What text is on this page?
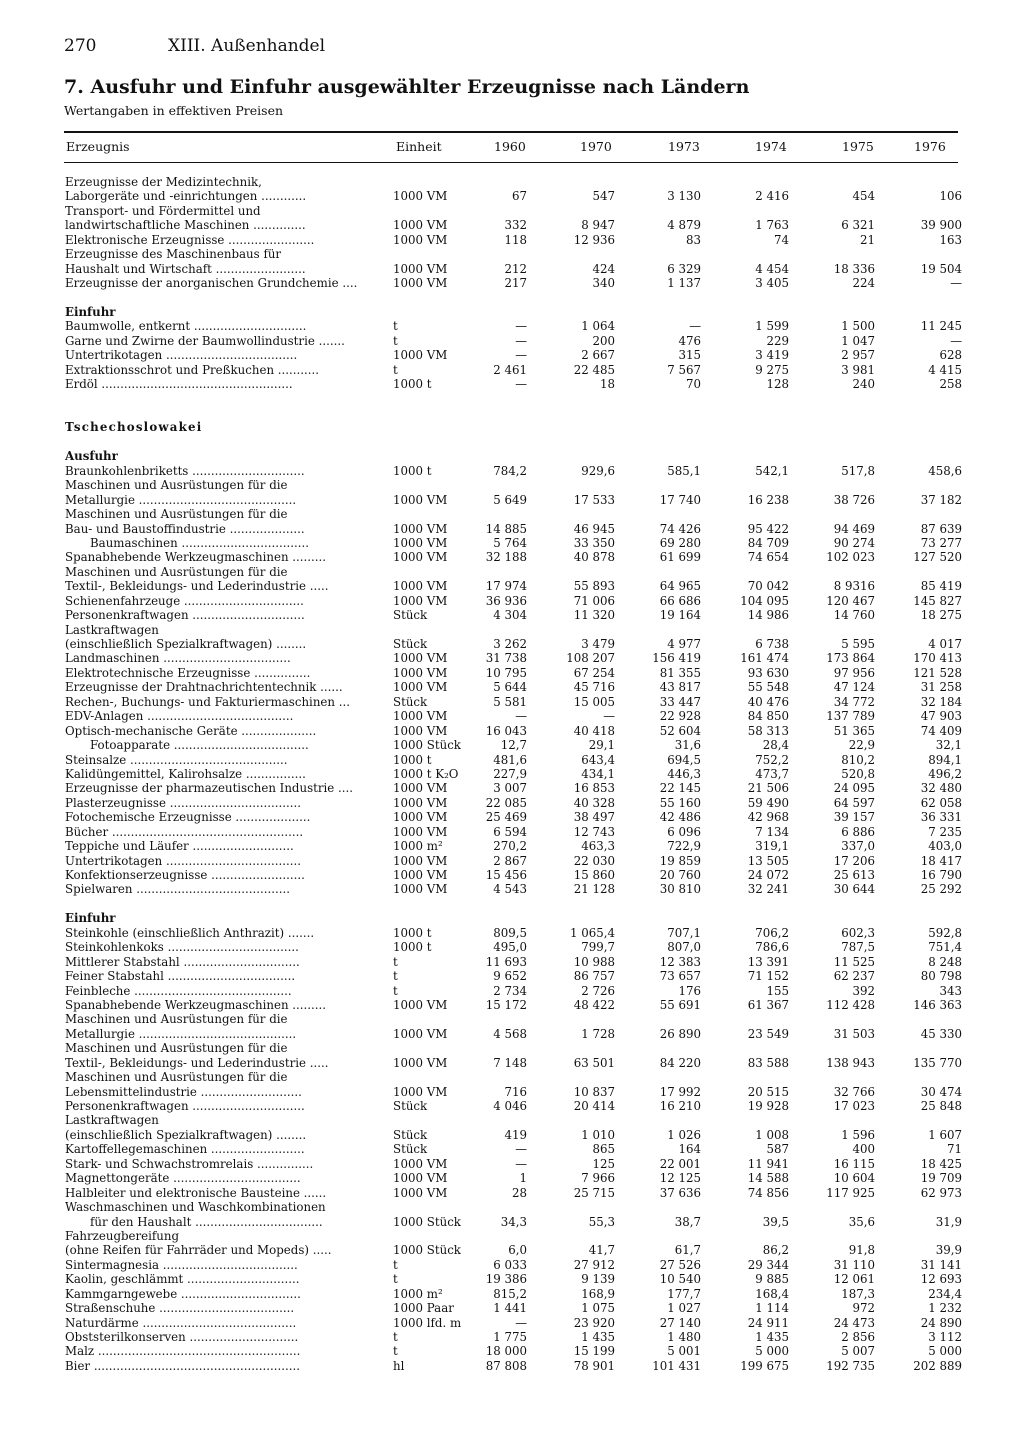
270	XIII. Außenhandel
7. Ausfuhr und Einfuhr ausgewählter Erzeugnisse nach Ländern
Wertangaben in effektiven Preisen
Erzeugnis	Einheit	1960	1970	1973	1974	1975	1976
Erzeugnisse der Medizintechnik,
Laborgeräte und -einrichtungen ............	1000 VM	67	547	3 130	2 416	454	106
Transport- und Fördermittel und
landwirtschaftliche Maschinen ..............	1000 VM	332	8 947	4 879	1 763	6 321	39 900
Elektronische Erzeugnisse .......................	1000 VM	118	12 936	83	74	21	163
Erzeugnisse des Maschinenbaus für
Haushalt und Wirtschaft ........................	1000 VM	212	424	6 329	4 454	18 336	19 504
Erzeugnisse der anorganischen Grundchemie ....	1000 VM	217	340	1 137	3 405	224	—
Einfuhr
Baumwolle, entkernt ..............................	t	—	1 064	—	1 599	1 500	11 245
Garne und Zwirne der Baumwollindustrie .......	t	—	200	476	229	1 047	—
Untertrikotagen ...................................	1000 VM	—	2 667	315	3 419	2 957	628
Extraktionsschrot und Preßkuchen ...........	t	2 461	22 485	7 567	9 275	3 981	4 415
Erdöl ...................................................	1000 t	—	18	70	128	240	258
Tschechoslowakei
Ausfuhr
Braunkohlenbriketts ..............................	1000 t	784,2	929,6	585,1	542,1	517,8	458,6
Maschinen und Ausrüstungen für die
Metallurgie ..........................................	1000 VM	5 649	17 533	17 740	16 238	38 726	37 182
Maschinen und Ausrüstungen für die
Bau- und Baustoffindustrie ....................	1000 VM	14 885	46 945	74 426	95 422	94 469	87 639
Baumaschinen ..................................	1000 VM	5 764	33 350	69 280	84 709	90 274	73 277
Spanabhebende Werkzeugmaschinen .........	1000 VM	32 188	40 878	61 699	74 654	102 023	127 520
Maschinen und Ausrüstungen für die
Textil-, Bekleidungs- und Lederindustrie .....	1000 VM	17 974	55 893	64 965	70 042	8 9316	85 419
Schienenfahrzeuge ................................	1000 VM	36 936	71 006	66 686	104 095	120 467	145 827
Personenkraftwagen ..............................	Stück	4 304	11 320	19 164	14 986	14 760	18 275
Lastkraftwagen
(einschließlich Spezialkraftwagen) ........	Stück	3 262	3 479	4 977	6 738	5 595	4 017
Landmaschinen ..................................	1000 VM	31 738	108 207	156 419	161 474	173 864	170 413
Elektrotechnische Erzeugnisse ...............	1000 VM	10 795	67 254	81 355	93 630	97 956	121 528
Erzeugnisse der Drahtnachrichtentechnik ......	1000 VM	5 644	45 716	43 817	55 548	47 124	31 258
Rechen-, Buchungs- und Fakturiermaschinen ...	Stück	5 581	15 005	33 447	40 476	34 772	32 184
EDV-Anlagen .......................................	1000 VM	—	—	22 928	84 850	137 789	47 903
Optisch-mechanische Geräte ....................	1000 VM	16 043	40 418	52 604	58 313	51 365	74 409
Fotoapparate ....................................	1000 Stück	12,7	29,1	31,6	28,4	22,9	32,1
Steinsalze ..........................................	1000 t	481,6	643,4	694,5	752,2	810,2	894,1
Kalidüngemittel, Kalirohsalze ................	1000 t K₂O	227,9	434,1	446,3	473,7	520,8	496,2
Erzeugnisse der pharmazeutischen Industrie ....	1000 VM	3 007	16 853	22 145	21 506	24 095	32 480
Plasterzeugnisse ...................................	1000 VM	22 085	40 328	55 160	59 490	64 597	62 058
Fotochemische Erzeugnisse ....................	1000 VM	25 469	38 497	42 486	42 968	39 157	36 331
Bücher ...................................................	1000 VM	6 594	12 743	6 096	7 134	6 886	7 235
Teppiche und Läufer ...........................	1000 m²	270,2	463,3	722,9	319,1	337,0	403,0
Untertrikotagen ....................................	1000 VM	2 867	22 030	19 859	13 505	17 206	18 417
Konfektionserzeugnisse .........................	1000 VM	15 456	15 860	20 760	24 072	25 613	16 790
Spielwaren .........................................	1000 VM	4 543	21 128	30 810	32 241	30 644	25 292
Einfuhr
Steinkohle (einschließlich Anthrazit) .......	1000 t	809,5	1 065,4	707,1	706,2	602,3	592,8
Steinkohlenkoks ...................................	1000 t	495,0	799,7	807,0	786,6	787,5	751,4
Mittlerer Stabstahl ...............................	t	11 693	10 988	12 383	13 391	11 525	8 248
Feiner Stabstahl ..................................	t	9 652	86 757	73 657	71 152	62 237	80 798
Feinbleche ..........................................	t	2 734	2 726	176	155	392	343
Spanabhebende Werkzeugmaschinen .........	1000 VM	15 172	48 422	55 691	61 367	112 428	146 363
Maschinen und Ausrüstungen für die
Metallurgie ..........................................	1000 VM	4 568	1 728	26 890	23 549	31 503	45 330
Maschinen und Ausrüstungen für die
Textil-, Bekleidungs- und Lederindustrie .....	1000 VM	7 148	63 501	84 220	83 588	138 943	135 770
Maschinen und Ausrüstungen für die
Lebensmittelindustrie ...........................	1000 VM	716	10 837	17 992	20 515	32 766	30 474
Personenkraftwagen ..............................	Stück	4 046	20 414	16 210	19 928	17 023	25 848
Lastkraftwagen
(einschließlich Spezialkraftwagen) ........	Stück	419	1 010	1 026	1 008	1 596	1 607
Kartoffellegemaschinen .........................	Stück	—	865	164	587	400	71
Stark- und Schwachstromrelais ...............	1000 VM	—	125	22 001	11 941	16 115	18 425
Magnettongeräte ..................................	1000 VM	1	7 966	12 125	14 588	10 604	19 709
Halbleiter und elektronische Bausteine ......	1000 VM	28	25 715	37 636	74 856	117 925	62 973
Waschmaschinen und Waschkombinationen
für den Haushalt ..................................	1000 Stück	34,3	55,3	38,7	39,5	35,6	31,9
Fahrzeugbereifung
(ohne Reifen für Fahrräder und Mopeds) .....	1000 Stück	6,0	41,7	61,7	86,2	91,8	39,9
Sintermagnesia ....................................	t	6 033	27 912	27 526	29 344	31 110	31 141
Kaolin, geschlämmt ..............................	t	19 386	9 139	10 540	9 885	12 061	12 693
Kammgarngewebe ................................	1000 m²	815,2	168,9	177,7	168,4	187,3	234,4
Straßenschuhe ....................................	1000 Paar	1 441	1 075	1 027	1 114	972	1 232
Naturdärme .........................................	1000 lfd. m	—	23 920	27 140	24 911	24 473	24 890
Obststerilkonserven .............................	t	1 775	1 435	1 480	1 435	2 856	3 112
Malz ......................................................	t	18 000	15 199	5 001	5 000	5 007	5 000
Bier .......................................................	hl	87 808	78 901	101 431	199 675	192 735	202 889
